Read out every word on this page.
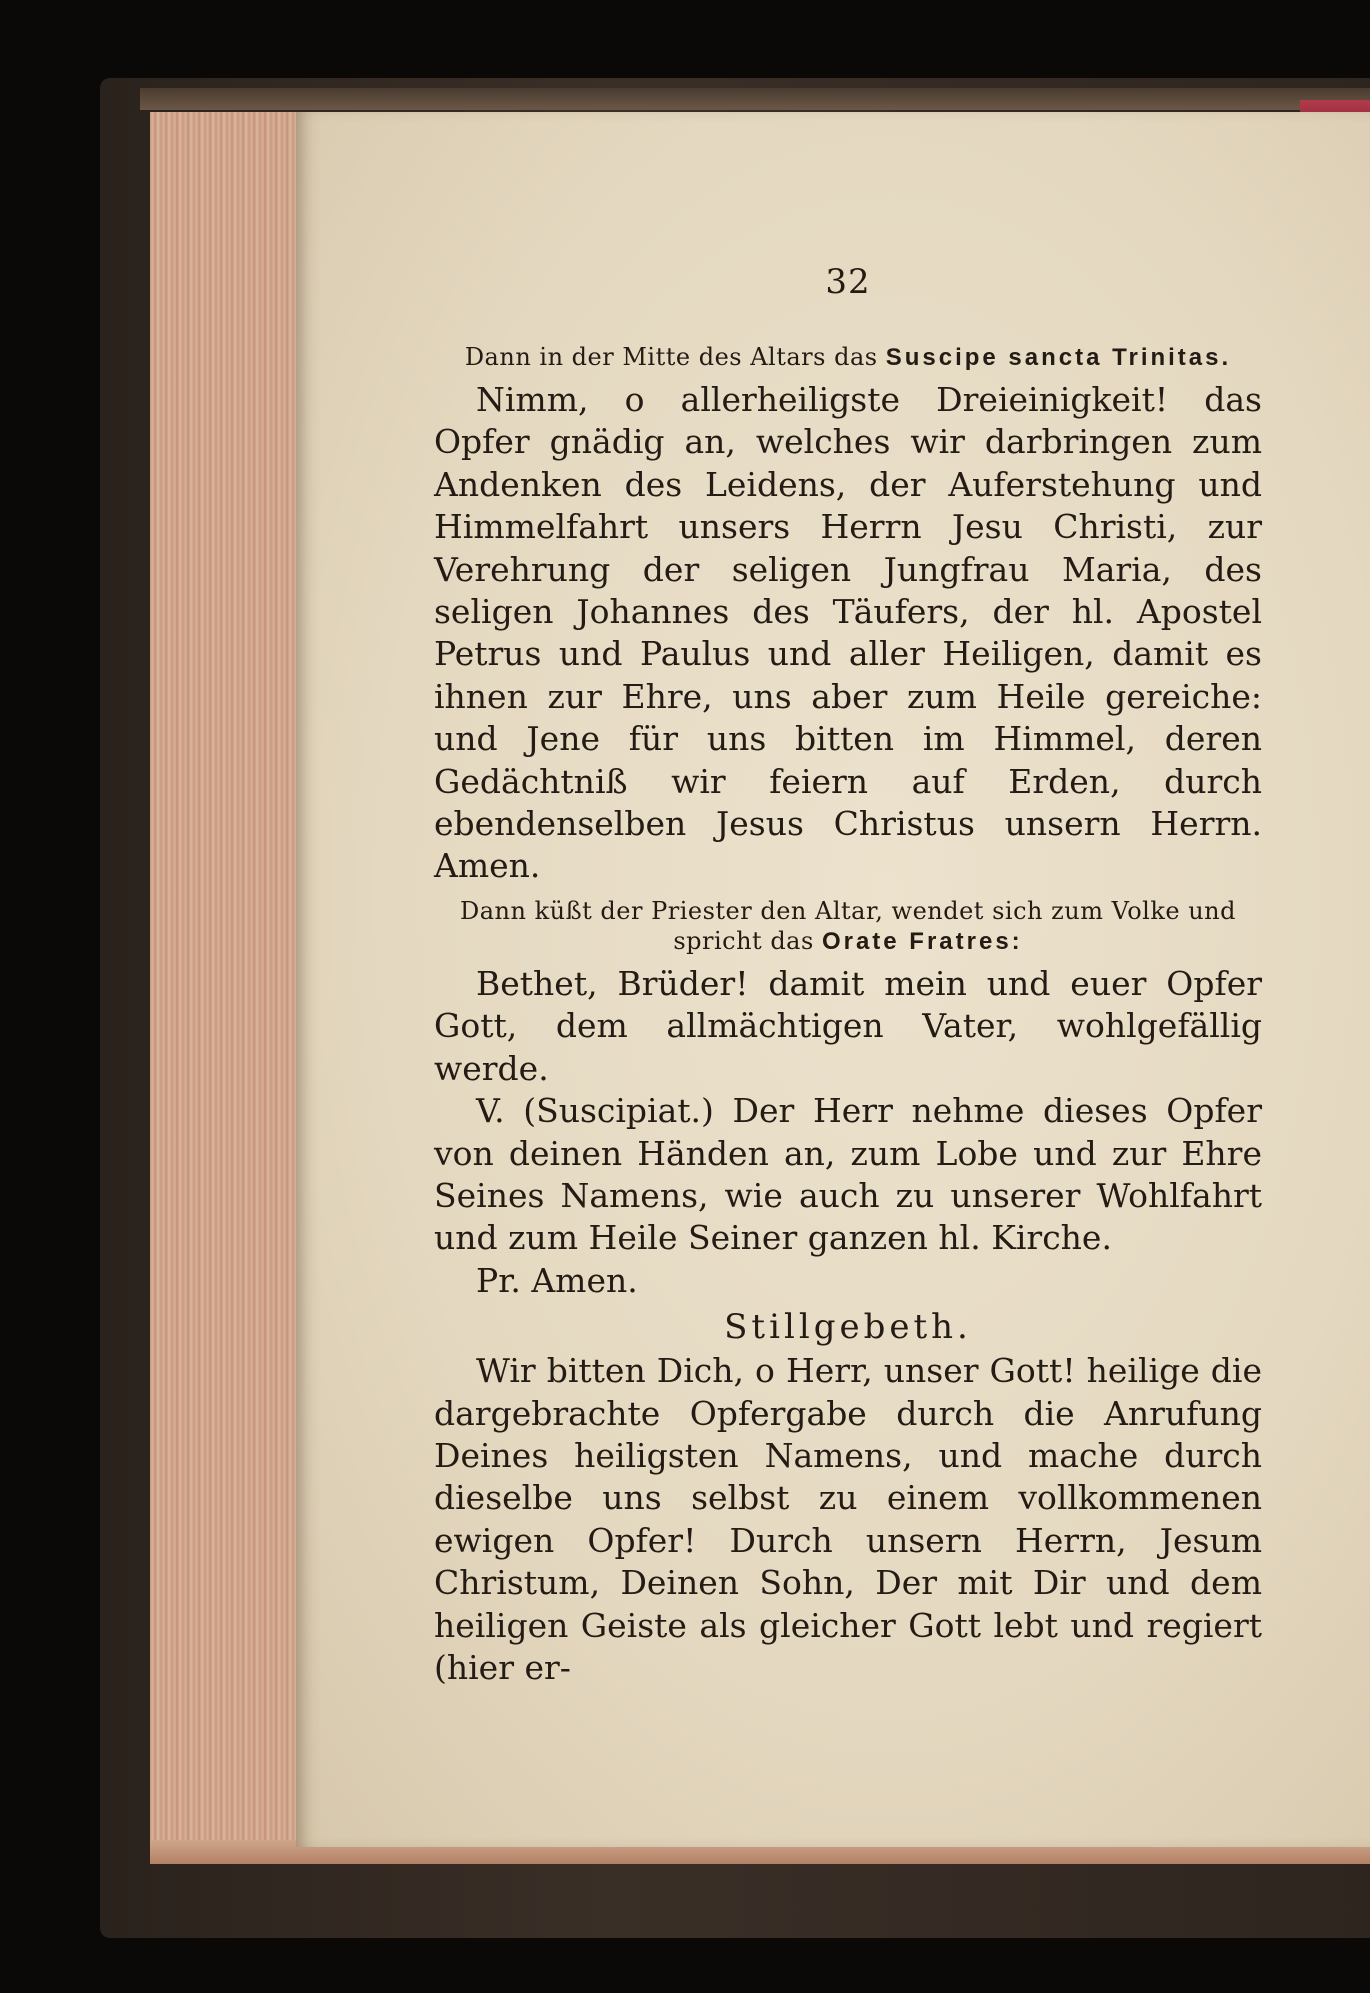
32

Dann in der Mitte des Altars das Suscipe sancta Trinitas.

Nimm, o allerheiligste Dreieinigkeit! das Opfer gnädig an, welches wir darbringen zum Andenken des Leidens, der Auferstehung und Himmelfahrt unsers Herrn Jesu Christi, zur Verehrung der seligen Jungfrau Maria, des seligen Johannes des Täufers, der hl. Apostel Petrus und Paulus und aller Heiligen, damit es ihnen zur Ehre, uns aber zum Heile gereiche: und Jene für uns bitten im Himmel, deren Gedächtniß wir feiern auf Erden, durch ebendenselben Jesus Christus unsern Herrn. Amen.

Dann küßt der Priester den Altar, wendet sich zum Volke und spricht das Orate Fratres:

Bethet, Brüder! damit mein und euer Opfer Gott, dem allmächtigen Vater, wohlgefällig werde.

V. (Suscipiat.) Der Herr nehme dieses Opfer von deinen Händen an, zum Lobe und zur Ehre Seines Namens, wie auch zu unserer Wohlfahrt und zum Heile Seiner ganzen hl. Kirche.

Pr. Amen.

Stillgebeth.

Wir bitten Dich, o Herr, unser Gott! heilige die dargebrachte Opfergabe durch die Anrufung Deines heiligsten Namens, und mache durch dieselbe uns selbst zu einem vollkommenen ewigen Opfer! Durch unsern Herrn, Jesum Christum, Deinen Sohn, Der mit Dir und dem heiligen Geiste als gleicher Gott lebt und regiert (hier er-
